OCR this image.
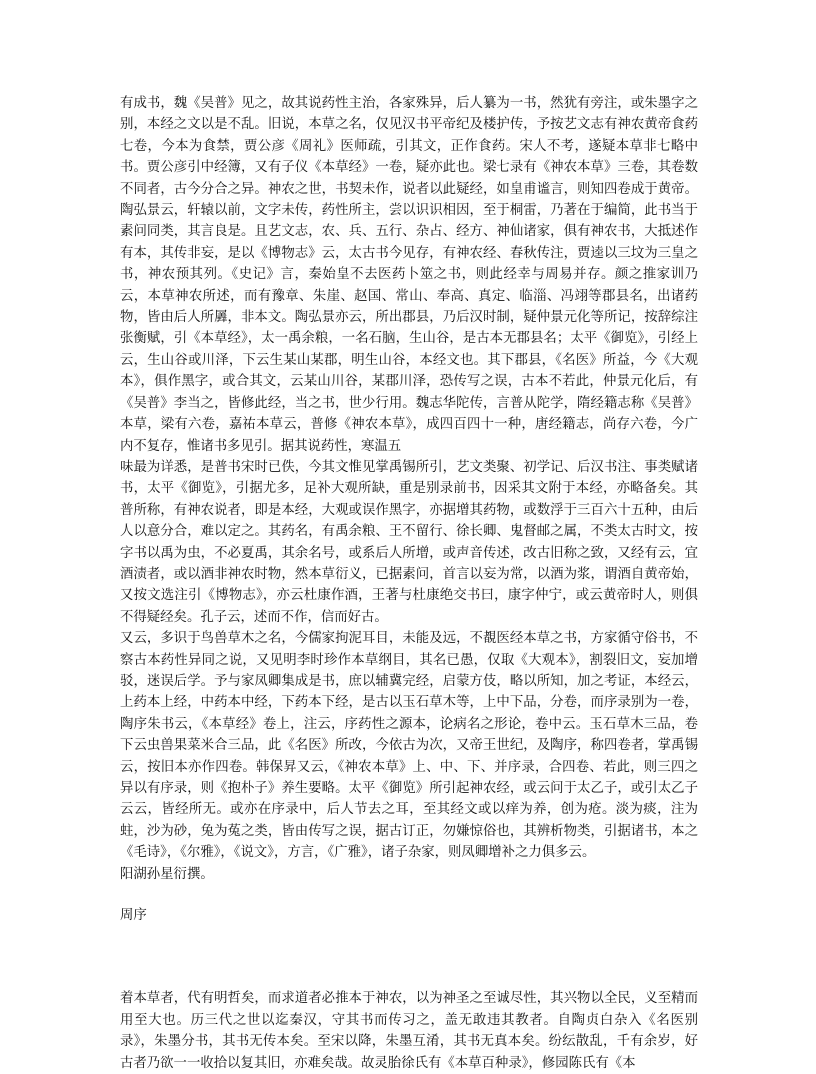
有成书，魏《吴普》见之，故其说药性主治，各家殊异，后人纂为一书，然犹有旁注，或朱墨字之别，本经之文以是不乱。旧说，本草之名，仅见汉书平帝纪及楼护传，予按艺文志有神农黄帝食药七卷，今本为食禁，贾公彦《周礼》医师疏，引其文，正作食药。宋人不考，遂疑本草非七略中书。贾公彦引中经簿，又有子仪《本草经》一卷，疑亦此也。梁七录有《神农本草》三卷，其卷数不同者，古今分合之异。神农之世，书契未作，说者以此疑经，如皇甫谧言，则知四卷成于黄帝。陶弘景云，轩辕以前，文字未传，药性所主，尝以识识相因，至于桐雷，乃著在于编简，此书当于素问同类，其言良是。且艺文志，农、兵、五行、杂占、经方、神仙诸家，俱有神农书，大抵述作有本，其传非妄，是以《博物志》云，太古书今见存，有神农经、春秋传注，贾逵以三坟为三皇之书，神农预其列。《史记》言，秦始皇不去医药卜筮之书，则此经幸与周易并存。颜之推家训乃云，本草神农所述，而有豫章、朱崖、赵国、常山、奉高、真定、临淄、冯翊等郡县名，出诸药物，皆由后人所羼，非本文。陶弘景亦云，所出郡县，乃后汉时制，疑仲景元化等所记，按辞综注张衡赋，引《本草经》，太一禹余粮，一名石脑，生山谷，是古本无郡县名；太平《御览》，引经上云，生山谷或川泽，下云生某山某郡，明生山谷，本经文也。其下郡县，《名医》所益，今《大观本》，俱作黑字，或合其文，云某山川谷，某郡川泽，恐传写之误，古本不若此，仲景元化后，有《吴普》李当之，皆修此经，当之书，世少行用。魏志华陀传，言普从陀学，隋经籍志称《吴普》本草，梁有六卷，嘉祐本草云，普修《神农本草》，成四百四十一种，唐经籍志，尚存六卷，今广内不复存，惟诸书多见引。据其说药性，寒温五

味最为详悉，是普书宋时已佚，今其文惟见掌禹锡所引，艺文类聚、初学记、后汉书注、事类赋诸书，太平《御览》，引据尤多，足补大观所缺，重是别录前书，因采其文附于本经，亦略备矣。其普所称，有神农说者，即是本经，大观或误作黑字，亦据增其药物，或数浮于三百六十五种，由后人以意分合，难以定之。其药名，有禹余粮、王不留行、徐长卿、鬼督邮之属，不类太古时文，按字书以禹为虫，不必夏禹，其余名号，或系后人所增，或声音传述，改古旧称之致，又经有云，宜酒渍者，或以酒非神农时物，然本草衍义，已据素问，首言以妄为常，以酒为浆，谓酒自黄帝始，又按文选注引《博物志》，亦云杜康作酒，王著与杜康绝交书曰，康字仲宁，或云黄帝时人，则俱不得疑经矣。孔子云，述而不作，信而好古。

又云，多识于鸟兽草木之名，今儒家拘泥耳目，未能及远，不覩医经本草之书，方家循守俗书，不察古本药性异同之说，又见明李时珍作本草纲目，其名已愚，仅取《大观本》，割裂旧文，妄加增驳，迷误后学。予与家凤卿集成是书，庶以辅冀完经，启蒙方伎，略以所知，加之考证，本经云，上药本上经，中药本中经，下药本下经，是古以玉石草木等，上中下品，分卷，而序录别为一卷，陶序朱书云，《本草经》卷上，注云，序药性之源本，论病名之形论，卷中云。玉石草木三品，卷下云虫兽果菜米合三品，此《名医》所改，今依古为次，又帝王世纪，及陶序，称四卷者，掌禹锡云，按旧本亦作四卷。韩保昇又云，《神农本草》上、中、下、并序录，合四卷、若此，则三四之异以有序录，则《抱朴子》养生要略。太平《御览》所引起神农经，或云问于太乙子，或引太乙子云云，皆经所无。或亦在序录中，后人节去之耳，至其经文或以痒为养，创为疮。淡为痰，注为蛀，沙为砂，兔为菟之类，皆由传写之误，据古订正，勿嫌惊俗也，其辨析物类，引据诸书，本之《毛诗》，《尔雅》，《说文》，方言，《广雅》，诸子杂家，则凤卿增补之力俱多云。

阳湖孙星衍撰。

周序

着本草者，代有明哲矣，而求道者必推本于神农，以为神圣之至诚尽性，其兴物以全民，义至精而用至大也。历三代之世以迄秦汉，守其书而传习之，盖无敢违其教者。自陶贞白杂入《名医别录》，朱墨分书，其书无传本矣。至宋以降，朱墨互淆，其书无真本矣。纷纭散乱，千有余岁，好古者乃欲一一收拾以复其旧，亦难矣哉。故灵胎徐氏有《本草百种录》，修园陈氏有《本
